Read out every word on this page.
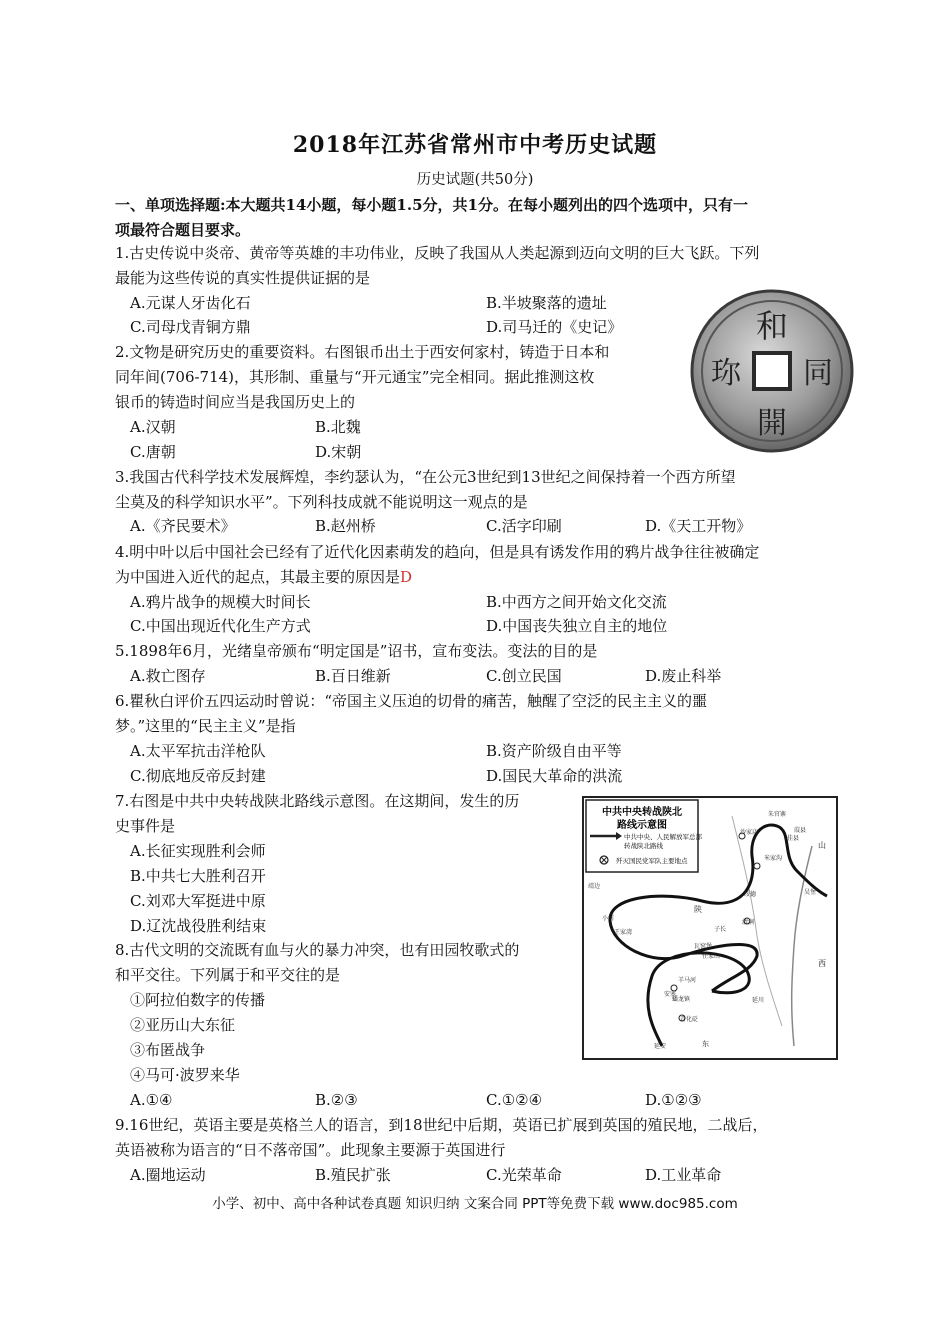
2018年江苏省常州市中考历史试题
历史试题(共50分)
一、单项选择题:本大题共14小题，每小题1.5分，共1分。在每小题列出的四个选项中，只有一
项最符合题目要求。
1.古史传说中炎帝、黄帝等英雄的丰功伟业，反映了我国从人类起源到迈向文明的巨大飞跃。下列
最能为这些传说的真实性提供证据的是
A.元谋人牙齿化石	B.半坡聚落的遗址
C.司母戊青铜方鼎	D.司马迁的《史记》
2.文物是研究历史的重要资料。右图银币出土于西安何家村，铸造于日本和
同年间(706-714)，其形制、重量与“开元通宝”完全相同。据此推测这枚
银币的铸造时间应当是我国历史上的
A.汉朝	B.北魏
C.唐朝	D.宋朝
3.我国古代科学技术发展辉煌，李约瑟认为，“在公元3世纪到13世纪之间保持着一个西方所望
尘莫及的科学知识水平”。下列科技成就不能说明这一观点的是
A.《齐民要术》	B.赵州桥	C.活字印刷	D.《天工开物》
4.明中叶以后中国社会已经有了近代化因素萌发的趋向，但是具有诱发作用的鸦片战争往往被确定
为中国进入近代的起点，其最主要的原因是D
A.鸦片战争的规模大时间长	B.中西方之间开始文化交流
C.中国出现近代化生产方式	D.中国丧失独立自主的地位
5.1898年6月，光绪皇帝颁布“明定国是”诏书，宣布变法。变法的目的是
A.救亡图存	B.百日维新	C.创立民国	D.废止科举
6.瞿秋白评价五四运动时曾说：“帝国主义压迫的切骨的痛苦，触醒了空泛的民主主义的噩
梦。”这里的“民主主义”是指
A.太平军抗击洋枪队	B.资产阶级自由平等
C.彻底地反帝反封建	D.国民大革命的洪流
7.右图是中共中央转战陕北路线示意图。在这期间，发生的历
史事件是
A.长征实现胜利会师
B.中共七大胜利召开
C.刘邓大军挺进中原
D.辽沈战役胜利结束
8.古代文明的交流既有血与火的暴力冲突，也有田园牧歌式的
和平交往。下列属于和平交往的是
①阿拉伯数字的传播
②亚历山大东征
③布匿战争
④马可·波罗来华
A.①④	B.②③	C.①②④	D.①②③
9.16世纪，英语主要是英格兰人的语言，到18世纪中后期，英语已扩展到英国的殖民地，二战后，
英语被称为语言的“日不落帝国”。此现象主要源于英国进行
A.圈地运动	B.殖民扩张	C.光荣革命	D.工业革命
和
同
開
珎
中共中央转战陕北
路线示意图
中共中央、人民解放军总部
转战陕北路线
歼灭国民党军队主要地点
朱官寨
沙家店
佳县
葭县
米家沟
山
吴堡
绥德
清涧
瓦窑堡
子长
安塞
延安
青化砭
蟠龙镇
羊马河
任家山
王家湾
小河
靖边
陕
西
延川
东
小学、初中、高中各种试卷真题 知识归纳 文案合同 PPT等免费下载 www.doc985.com
